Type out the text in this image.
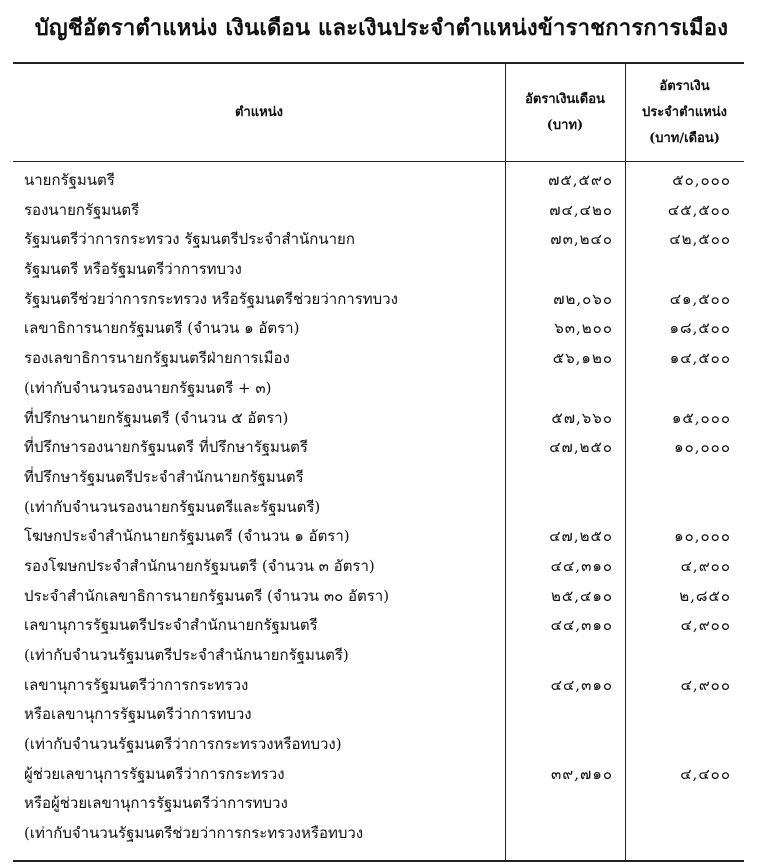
บัญชีอัตราตำแหน่ง เงินเดือน และเงินประจำตำแหน่งข้าราชการการเมือง
ตำแหน่ง
อัตราเงินเดือน
(บาท)
อัตราเงิน
ประจำตำแหน่ง
(บาท/เดือน)
นายกรัฐมนตรี	๗๕,๕๙๐	๕๐,๐๐๐
รองนายกรัฐมนตรี	๗๔,๔๒๐	๔๕,๕๐๐
รัฐมนตรีว่าการกระทรวง รัฐมนตรีประจำสำนักนายก	๗๓,๒๔๐	๔๒,๕๐๐
รัฐมนตรี หรือรัฐมนตรีว่าการทบวง
รัฐมนตรีช่วยว่าการกระทรวง หรือรัฐมนตรีช่วยว่าการทบวง	๗๒,๐๖๐	๔๑,๕๐๐
เลขาธิการนายกรัฐมนตรี (จำนวน ๑ อัตรา)	๖๓,๒๐๐	๑๘,๕๐๐
รองเลขาธิการนายกรัฐมนตรีฝ่ายการเมือง	๕๖,๑๒๐	๑๔,๕๐๐
(เท่ากับจำนวนรองนายกรัฐมนตรี + ๓)
ที่ปรึกษานายกรัฐมนตรี (จำนวน ๕ อัตรา)	๕๗,๖๖๐	๑๕,๐๐๐
ที่ปรึกษารองนายกรัฐมนตรี ที่ปรึกษารัฐมนตรี	๔๗,๒๕๐	๑๐,๐๐๐
ที่ปรึกษารัฐมนตรีประจำสำนักนายกรัฐมนตรี
(เท่ากับจำนวนรองนายกรัฐมนตรีและรัฐมนตรี)
โฆษกประจำสำนักนายกรัฐมนตรี (จำนวน ๑ อัตรา)	๔๗,๒๕๐	๑๐,๐๐๐
รองโฆษกประจำสำนักนายกรัฐมนตรี (จำนวน ๓ อัตรา)	๔๔,๓๑๐	๔,๙๐๐
ประจำสำนักเลขาธิการนายกรัฐมนตรี (จำนวน ๓๐ อัตรา)	๒๕,๔๑๐	๒,๘๕๐
เลขานุการรัฐมนตรีประจำสำนักนายกรัฐมนตรี	๔๔,๓๑๐	๔,๙๐๐
(เท่ากับจำนวนรัฐมนตรีประจำสำนักนายกรัฐมนตรี)
เลขานุการรัฐมนตรีว่าการกระทรวง	๔๔,๓๑๐	๔,๙๐๐
หรือเลขานุการรัฐมนตรีว่าการทบวง
(เท่ากับจำนวนรัฐมนตรีว่าการกระทรวงหรือทบวง)
ผู้ช่วยเลขานุการรัฐมนตรีว่าการกระทรวง	๓๙,๗๑๐	๔,๔๐๐
หรือผู้ช่วยเลขานุการรัฐมนตรีว่าการทบวง
(เท่ากับจำนวนรัฐมนตรีช่วยว่าการกระทรวงหรือทบวง
